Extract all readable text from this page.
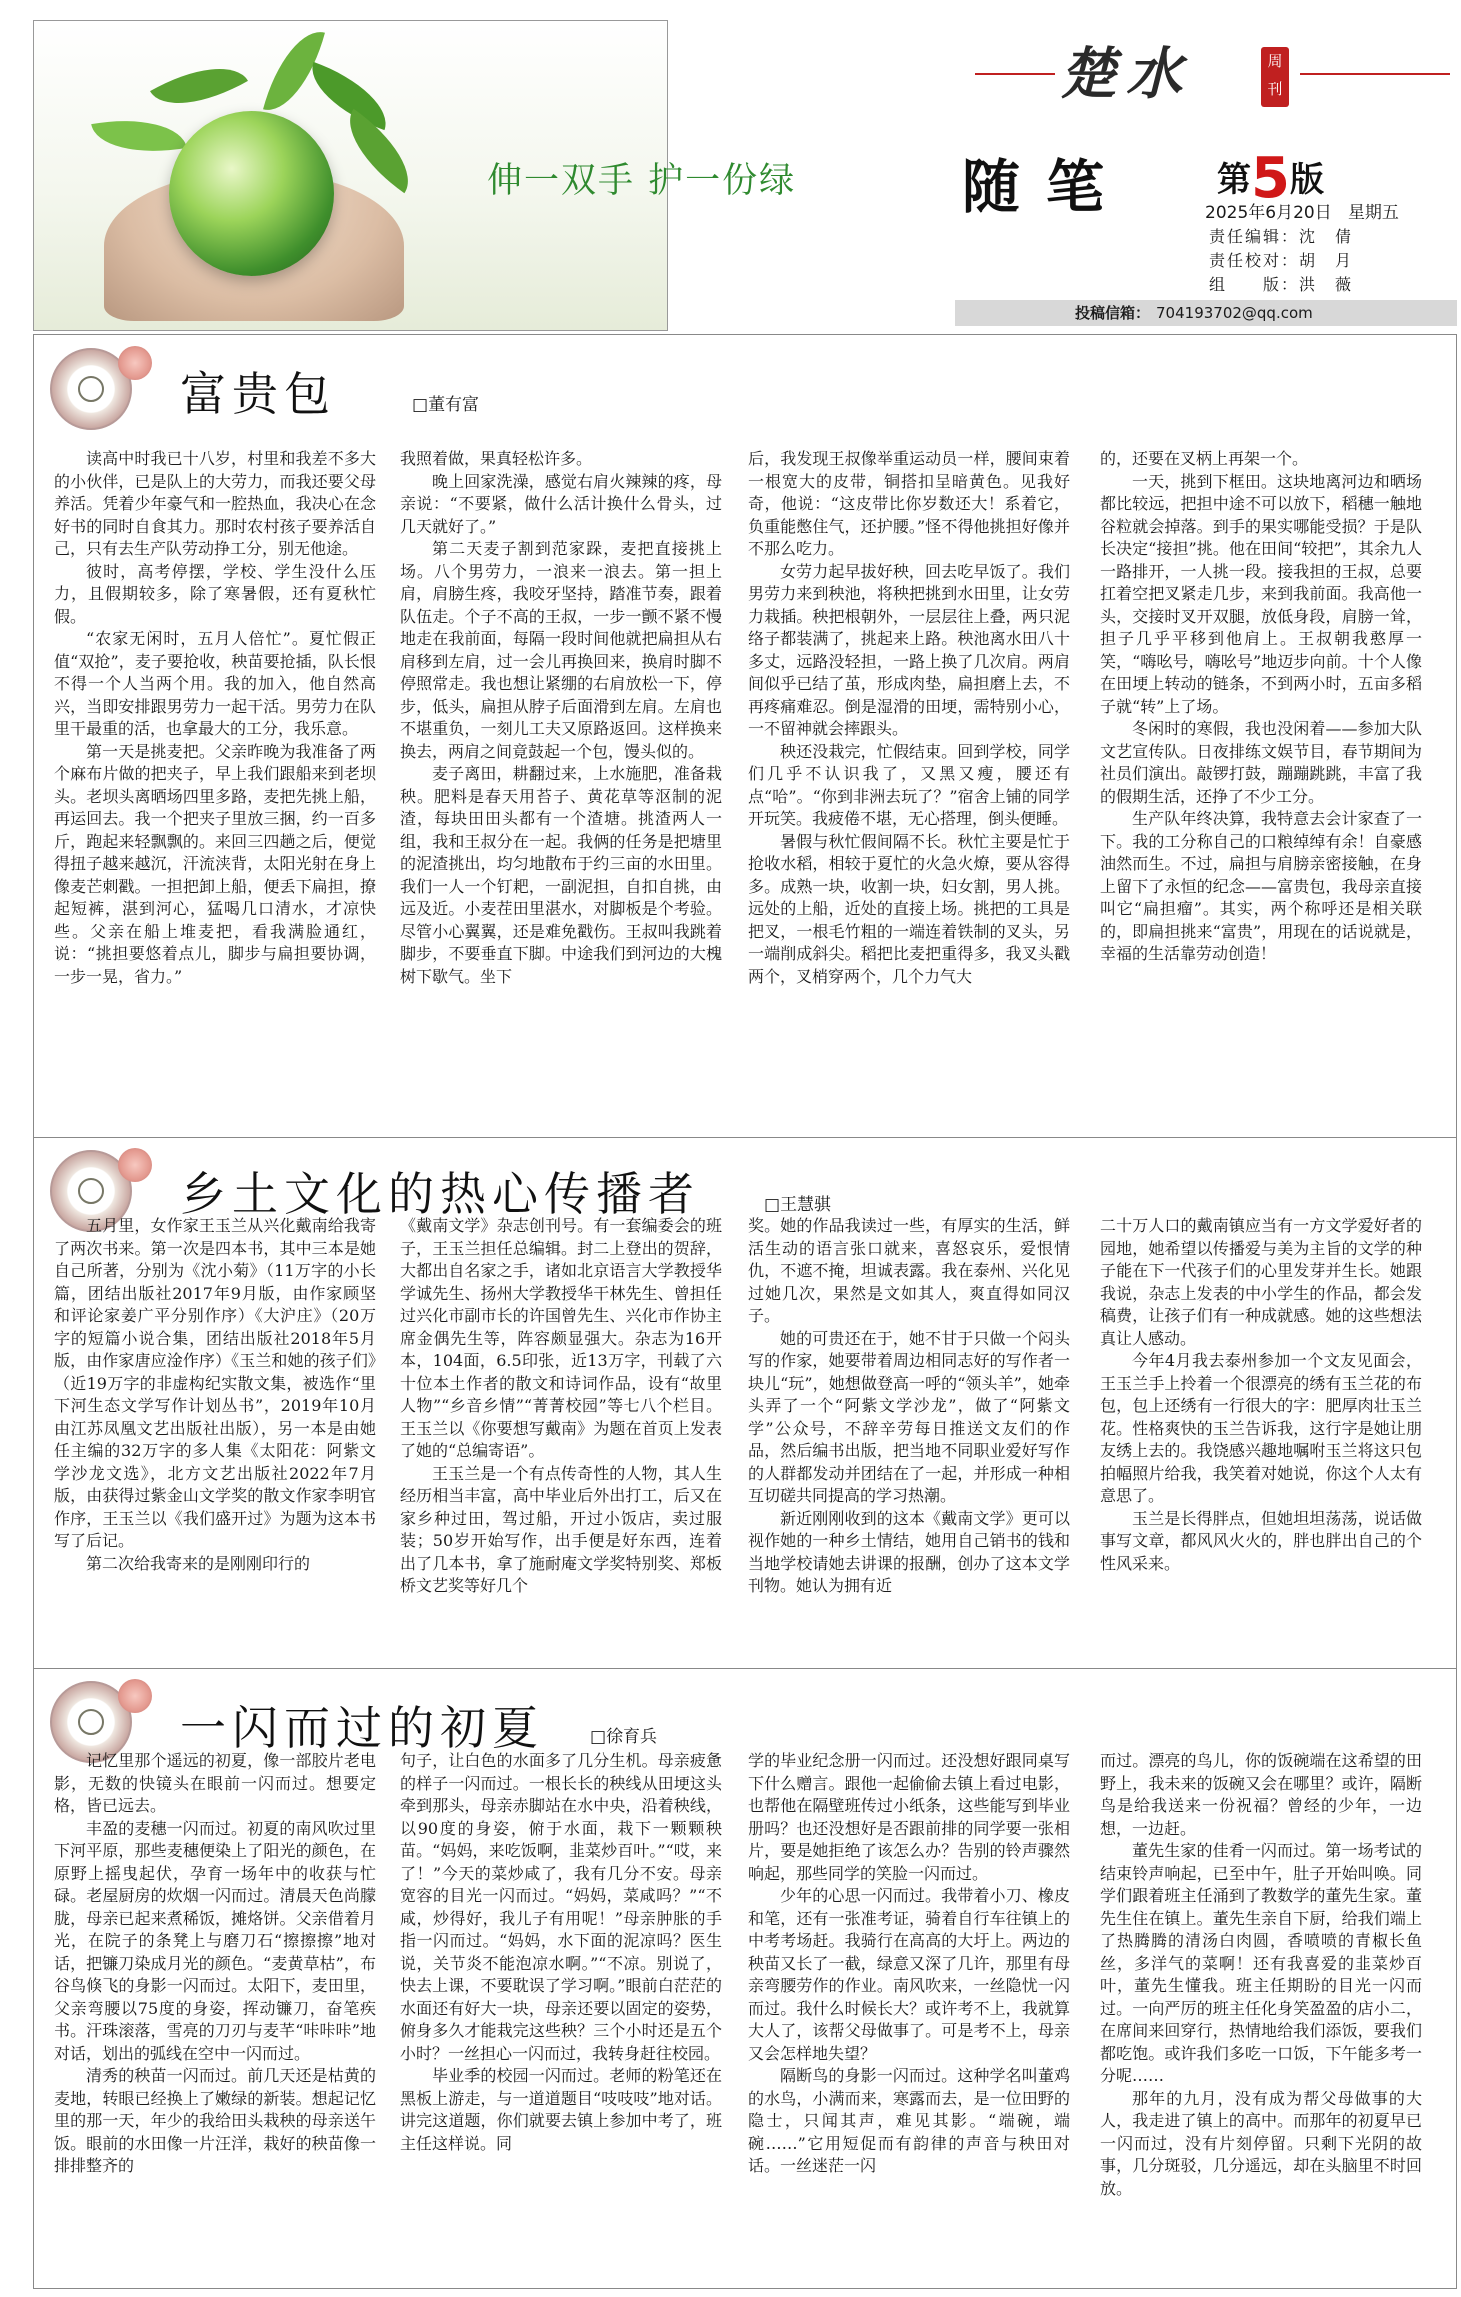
伸一双手 护一份绿
楚水	周刊
随笔	第5版
2025年6月20日 星期五
责任编辑：沈　倩
责任校对：胡　月
组　　版：洪　薇
投稿信箱： 704193702@qq.com
富贵包	□ 董有富

读高中时我已十八岁，村里和我差不多大的小伙伴，已是队上的大劳力，而我还要父母养活。凭着少年豪气和一腔热血，我决心在念好书的同时自食其力。那时农村孩子要养活自己，只有去生产队劳动挣工分，别无他途。

彼时，高考停摆，学校、学生没什么压力，且假期较多，除了寒暑假，还有夏秋忙假。

“农家无闲时，五月人倍忙”。夏忙假正值“双抢”，麦子要抢收，秧苗要抢插，队长恨不得一个人当两个用。我的加入，他自然高兴，当即安排跟男劳力一起干活。男劳力在队里干最重的活，也拿最大的工分，我乐意。

第一天是挑麦把。父亲昨晚为我准备了两个麻布片做的把夹子，早上我们跟船来到老坝头。老坝头离晒场四里多路，麦把先挑上船，再运回去。我一个把夹子里放三捆，约一百多斤，跑起来轻飘飘的。来回三四趟之后，便觉得扭子越来越沉，汗流浃背，太阳光射在身上像麦芒刺戳。一担把卸上船，便丢下扁担，撩起短裤，湛到河心，猛喝几口清水，才凉快些。父亲在船上堆麦把，看我满脸通红，说：“挑担要悠着点儿，脚步与扁担要协调，一步一晃，省力。”

我照着做，果真轻松许多。

晚上回家洗澡，感觉右肩火辣辣的疼，母亲说：“不要紧，做什么活计换什么骨头，过几天就好了。”

第二天麦子割到范家跺，麦把直接挑上场。八个男劳力，一浪来一浪去。第一担上肩，肩膀生疼，我咬牙坚持，踏准节奏，跟着队伍走。个子不高的王叔，一步一颤不紧不慢地走在我前面，每隔一段时间他就把扁担从右肩移到左肩，过一会儿再换回来，换肩时脚不停照常走。我也想让紧绷的右肩放松一下，停步，低头，扁担从脖子后面滑到左肩。左肩也不堪重负，一刻儿工夫又原路返回。这样换来换去，两肩之间竟鼓起一个包，馒头似的。

麦子离田，耕翻过来，上水施肥，准备栽秧。肥料是春天用苔子、黄花草等沤制的泥渣，每块田田头都有一个渣塘。挑渣两人一组，我和王叔分在一起。我俩的任务是把塘里的泥渣挑出，均匀地散布于约三亩的水田里。我们一人一个钉耙，一副泥担，自扣自挑，由远及近。小麦茬田里湛水，对脚板是个考验。尽管小心翼翼，还是难免戳伤。王叔叫我跳着脚步，不要垂直下脚。中途我们到河边的大槐树下歇气。坐下

后，我发现王叔像举重运动员一样，腰间束着一根宽大的皮带，铜搭扣呈暗黄色。见我好奇，他说：“这皮带比你岁数还大！系着它，负重能憋住气，还护腰。”怪不得他挑担好像并不那么吃力。

女劳力起早拔好秧，回去吃早饭了。我们男劳力来到秧池，将秧把挑到水田里，让女劳力栽插。秧把根朝外，一层层往上叠，两只泥络子都装满了，挑起来上路。秧池离水田八十多丈，远路没轻担，一路上换了几次肩。两肩间似乎已结了茧，形成肉垫，扁担磨上去，不再疼痛难忍。倒是湿滑的田埂，需特别小心，一不留神就会摔跟头。

秧还没栽完，忙假结束。回到学校，同学们几乎不认识我了，又黑又瘦，腰还有点“哈”。“你到非洲去玩了？”宿舍上铺的同学开玩笑。我疲倦不堪，无心搭理，倒头便睡。

暑假与秋忙假间隔不长。秋忙主要是忙于抢收水稻，相较于夏忙的火急火燎，要从容得多。成熟一块，收割一块，妇女割，男人挑。远处的上船，近处的直接上场。挑把的工具是把叉，一根毛竹粗的一端连着铁制的叉头，另一端削成斜尖。稻把比麦把重得多，我叉头戳两个，叉梢穿两个，几个力气大

的，还要在叉柄上再架一个。

一天，挑到下框田。这块地离河边和晒场都比较远，把担中途不可以放下，稻穗一触地谷粒就会掉落。到手的果实哪能受损？于是队长决定“接担”挑。他在田间“较把”，其余九人一路排开，一人挑一段。接我担的王叔，总要扛着空把叉紧走几步，来到我前面。我高他一头，交接时叉开双腿，放低身段，肩膀一耸，担子几乎平移到他肩上。王叔朝我憨厚一笑，“嗨吆号，嗨吆号”地迈步向前。十个人像在田埂上转动的链条，不到两小时，五亩多稻子就“转”上了场。

冬闲时的寒假，我也没闲着——参加大队文艺宣传队。日夜排练文娱节目，春节期间为社员们演出。敲锣打鼓，蹦蹦跳跳，丰富了我的假期生活，还挣了不少工分。

生产队年终决算，我特意去会计家查了一下。我的工分称自己的口粮绰绰有余！自豪感油然而生。不过，扁担与肩膀亲密接触，在身上留下了永恒的纪念——富贵包，我母亲直接叫它“扁担瘤”。其实，两个称呼还是相关联的，即扁担挑来“富贵”，用现在的话说就是，幸福的生活靠劳动创造！

乡土文化的热心传播者	□ 王慧骐

五月里，女作家王玉兰从兴化戴南给我寄了两次书来。第一次是四本书，其中三本是她自己所著，分别为《沈小菊》（11万字的小长篇，团结出版社2017年9月版，由作家顾坚和评论家姜广平分别作序）《大沪庄》（20万字的短篇小说合集，团结出版社2018年5月版，由作家唐应淦作序）《玉兰和她的孩子们》（近19万字的非虚构纪实散文集，被选作“里下河生态文学写作计划丛书”，2019年10月由江苏凤凰文艺出版社出版），另一本是由她任主编的32万字的多人集《太阳花：阿紫文学沙龙文选》，北方文艺出版社2022年7月版，由获得过紫金山文学奖的散文作家李明官作序，王玉兰以《我们盛开过》为题为这本书写了后记。

第二次给我寄来的是刚刚印行的

《戴南文学》杂志创刊号。有一套编委会的班子，王玉兰担任总编辑。封二上登出的贺辞，大都出自名家之手，诸如北京语言大学教授华学诚先生、扬州大学教授华干林先生、曾担任过兴化市副市长的许国曾先生、兴化市作协主席金偶先生等，阵容颇显强大。杂志为16开本，104面，6.5印张，近13万字，刊载了六十位本土作者的散文和诗词作品，设有“故里人物”“乡音乡情”“菁菁校园”等七八个栏目。王玉兰以《你要想写戴南》为题在首页上发表了她的“总编寄语”。

王玉兰是一个有点传奇性的人物，其人生经历相当丰富，高中毕业后外出打工，后又在家乡种过田，驾过船，开过小饭店，卖过服装；50岁开始写作，出手便是好东西，连着出了几本书，拿了施耐庵文学奖特别奖、郑板桥文艺奖等好几个

奖。她的作品我读过一些，有厚实的生活，鲜活生动的语言张口就来，喜怒哀乐，爱恨情仇，不遮不掩，坦诚表露。我在泰州、兴化见过她几次，果然是文如其人，爽直得如同汉子。

她的可贵还在于，她不甘于只做一个闷头写的作家，她要带着周边相同志好的写作者一块儿“玩”，她想做登高一呼的“领头羊”，她牵头弄了一个“阿紫文学沙龙”，做了“阿紫文学”公众号，不辞辛劳每日推送文友们的作品，然后编书出版，把当地不同职业爱好写作的人群都发动并团结在了一起，并形成一种相互切磋共同提高的学习热潮。

新近刚刚收到的这本《戴南文学》更可以视作她的一种乡土情结，她用自己销书的钱和当地学校请她去讲课的报酬，创办了这本文学刊物。她认为拥有近

二十万人口的戴南镇应当有一方文学爱好者的园地，她希望以传播爱与美为主旨的文学的种子能在下一代孩子们的心里发芽并生长。她跟我说，杂志上发表的中小学生的作品，都会发稿费，让孩子们有一种成就感。她的这些想法真让人感动。

今年4月我去泰州参加一个文友见面会，王玉兰手上拎着一个很漂亮的绣有玉兰花的布包，包上还绣有一行很大的字：肥厚肉壮玉兰花。性格爽快的玉兰告诉我，这行字是她让朋友绣上去的。我饶感兴趣地嘱咐玉兰将这只包拍幅照片给我，我笑着对她说，你这个人太有意思了。

玉兰是长得胖点，但她坦坦荡荡，说话做事写文章，都风风火火的，胖也胖出自己的个性风采来。

一闪而过的初夏	□ 徐育兵

记忆里那个遥远的初夏，像一部胶片老电影，无数的快镜头在眼前一闪而过。想要定格，皆已远去。

丰盈的麦穗一闪而过。初夏的南风吹过里下河平原，那些麦穗便染上了阳光的颜色，在原野上摇曳起伏，孕育一场年中的收获与忙碌。老屋厨房的炊烟一闪而过。清晨天色尚朦胧，母亲已起来煮稀饭，摊烙饼。父亲借着月光，在院子的条凳上与磨刀石“擦擦擦”地对话，把镰刀染成月光的颜色。“麦黄草枯”，布谷鸟倏飞的身影一闪而过。太阳下，麦田里，父亲弯腰以75度的身姿，挥动镰刀，奋笔疾书。汗珠滚落，雪亮的刀刃与麦芊“咔咔咔”地对话，划出的弧线在空中一闪而过。

清秀的秧苗一闪而过。前几天还是枯黄的麦地，转眼已经换上了嫩绿的新装。想起记忆里的那一天，年少的我给田头栽秧的母亲送午饭。眼前的水田像一片汪洋，栽好的秧苗像一排排整齐的

句子，让白色的水面多了几分生机。母亲疲惫的样子一闪而过。一根长长的秧线从田埂这头牵到那头，母亲赤脚站在水中央，沿着秧线，以90度的身姿，俯于水面，栽下一颗颗秧苗。“妈妈，来吃饭啊，韭菜炒百叶。”“哎，来了！”今天的菜炒咸了，我有几分不安。母亲宽容的目光一闪而过。“妈妈，菜咸吗？”“不咸，炒得好，我儿子有用呢！”母亲肿胀的手指一闪而过。“妈妈，水下面的泥凉吗？医生说，关节炎不能泡凉水啊。”“不凉。别说了，快去上课，不要耽误了学习啊。”眼前白茫茫的水面还有好大一块，母亲还要以固定的姿势，俯身多久才能栽完这些秧？三个小时还是五个小时？一丝担心一闪而过，我转身赶往校园。

毕业季的校园一闪而过。老师的粉笔还在黑板上游走，与一道道题目“吱吱吱”地对话。讲完这道题，你们就要去镇上参加中考了，班主任这样说。同

学的毕业纪念册一闪而过。还没想好跟同桌写下什么赠言。跟他一起偷偷去镇上看过电影，也帮他在隔壁班传过小纸条，这些能写到毕业册吗？也还没想好是否跟前排的同学要一张相片，要是她拒绝了该怎么办？告别的铃声骤然响起，那些同学的笑脸一闪而过。

少年的心思一闪而过。我带着小刀、橡皮和笔，还有一张准考证，骑着自行车往镇上的中考考场赶。我骑行在高高的大圩上。两边的秧苗又长了一截，绿意又深了几许，那里有母亲弯腰劳作的作业。南风吹来，一丝隐忧一闪而过。我什么时候长大？或许考不上，我就算大人了，该帮父母做事了。可是考不上，母亲又会怎样地失望？

隔断鸟的身影一闪而过。这种学名叫董鸡的水鸟，小满而来，寒露而去，是一位田野的隐士，只闻其声，难见其影。“端碗，端碗……”它用短促而有韵律的声音与秧田对话。一丝迷茫一闪

而过。漂亮的鸟儿，你的饭碗端在这希望的田野上，我未来的饭碗又会在哪里？或许，隔断鸟是给我送来一份祝福？曾经的少年，一边想，一边赶。

董先生家的佳肴一闪而过。第一场考试的结束铃声响起，已至中午，肚子开始叫唤。同学们跟着班主任涌到了教数学的董先生家。董先生住在镇上。董先生亲自下厨，给我们端上了热腾腾的清汤白肉圆，香喷喷的青椒长鱼丝，多洋气的菜啊！还有我喜爱的韭菜炒百叶，董先生懂我。班主任期盼的目光一闪而过。一向严厉的班主任化身笑盈盈的店小二，在席间来回穿行，热情地给我们添饭，要我们都吃饱。或许我们多吃一口饭，下午能多考一分呢……

那年的九月，没有成为帮父母做事的大人，我走进了镇上的高中。而那年的初夏早已一闪而过，没有片刻停留。只剩下光阴的故事，几分斑驳，几分遥远，却在头脑里不时回放。
